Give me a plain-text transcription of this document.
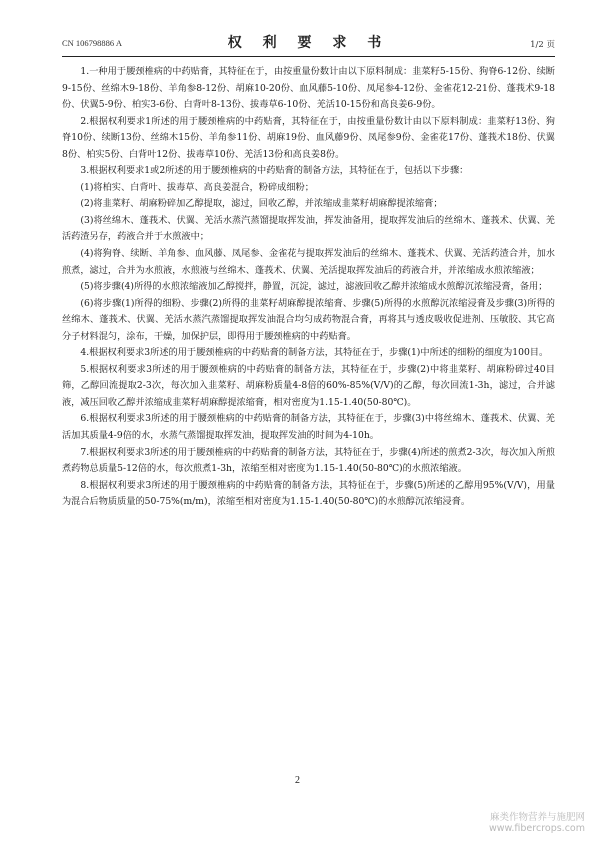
CN 106798886 A	权 利 要 求 书	1/2 页

1.一种用于腰颈椎病的中药贴膏，其特征在于，由按重量份数计由以下原料制成：韭菜籽5-15份、狗脊6-12份、续断9-15份、丝绵木9-18份、羊角参8-12份、胡麻10-20份、血风藤5-10份、凤尾参4-12份、金雀花12-21份、蓬莪术9-18份、伏翼5-9份、柏实3-6份、白背叶8-13份、拔毒草6-10份、羌活10-15份和高良姜6-9份。

2.根据权利要求1所述的用于腰颈椎病的中药贴膏，其特征在于，由按重量份数计由以下原料制成：韭菜籽13份、狗脊10份、续断13份、丝绵木15份、羊角参11份、胡麻19份、血风藤9份、凤尾参9份、金雀花17份、蓬莪术18份、伏翼8份、柏实5份、白背叶12份、拔毒草10份、羌活13份和高良姜8份。

3.根据权利要求1或2所述的用于腰颈椎病的中药贴膏的制备方法，其特征在于，包括以下步骤：

(1)将柏实、白背叶、拔毒草、高良姜混合，粉碎成细粉；

(2)将韭菜籽、胡麻粉碎加乙醇提取，滤过，回收乙醇，并浓缩成韭菜籽胡麻醇提浓缩膏；

(3)将丝绵木、蓬莪术、伏翼、羌活水蒸汽蒸馏提取挥发油，挥发油备用，提取挥发油后的丝绵木、蓬莪术、伏翼、羌活药渣另存，药液合并于水煎液中；

(4)将狗脊、续断、羊角参、血风藤、凤尾参、金雀花与提取挥发油后的丝绵木、蓬莪术、伏翼、羌活药渣合并，加水煎煮，滤过，合并为水煎液，水煎液与丝绵木、蓬莪术、伏翼、羌活提取挥发油后的药液合并，并浓缩成水煎浓缩液；

(5)将步骤(4)所得的水煎浓缩液加乙醇搅拌，静置，沉淀，滤过，滤液回收乙醇并浓缩成水煎醇沉浓缩浸膏，备用；

(6)将步骤(1)所得的细粉、步骤(2)所得的韭菜籽胡麻醇提浓缩膏、步骤(5)所得的水煎醇沉浓缩浸膏及步骤(3)所得的丝绵木、蓬莪术、伏翼、羌活水蒸汽蒸馏提取挥发油混合均匀成药物混合膏，再将其与透皮吸收促进剂、压敏胶、其它高分子材料混匀，涂布，干燥，加保护层，即得用于腰颈椎病的中药贴膏。

4.根据权利要求3所述的用于腰颈椎病的中药贴膏的制备方法，其特征在于，步骤(1)中所述的细粉的细度为100目。

5.根据权利要求3所述的用于腰颈椎病的中药贴膏的制备方法，其特征在于，步骤(2)中将韭菜籽、胡麻粉碎过40目筛，乙醇回流提取2-3次，每次加入韭菜籽、胡麻粉质量4-8倍的60%-85%(V/V)的乙醇，每次回流1-3h，滤过，合并滤液，减压回收乙醇并浓缩成韭菜籽胡麻醇提浓缩膏，相对密度为1.15-1.40(50-80℃)。

6.根据权利要求3所述的用于腰颈椎病的中药贴膏的制备方法，其特征在于，步骤(3)中将丝绵木、蓬莪术、伏翼、羌活加其质量4-9倍的水，水蒸气蒸馏提取挥发油，提取挥发油的时间为4-10h。

7.根据权利要求3所述的用于腰颈椎病的中药贴膏的制备方法，其特征在于，步骤(4)所述的煎煮2-3次，每次加入所煎煮药物总质量5-12倍的水，每次煎煮1-3h，浓缩至相对密度为1.15-1.40(50-80℃)的水煎浓缩液。

8.根据权利要求3所述的用于腰颈椎病的中药贴膏的制备方法，其特征在于，步骤(5)所述的乙醇用95%(V/V)，用量为混合后物质质量的50-75%(m/m)，浓缩至相对密度为1.15-1.40(50-80℃)的水煎醇沉浓缩浸膏。

2
麻类作物营养与施肥网
www.fibercrops.com
